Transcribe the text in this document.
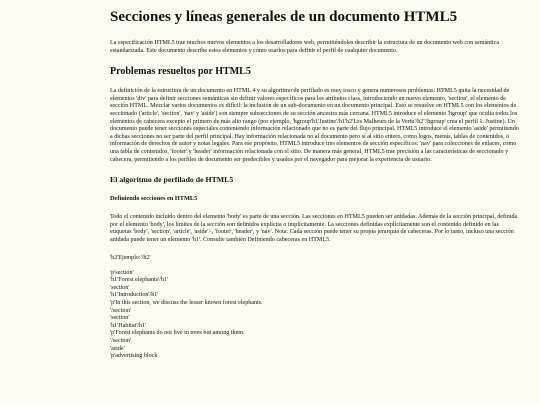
Secciones y líneas generales de un documento HTML5

La especificación HTML5 trae muchos nuevos elementos a los desarrolladores web, permitiéndoles describir la estructura de un documento web con semántica estandarizada. Este documento describe estos elementos y cómo usarlos para definir el perfil de cualquier documento.

Problemas resueltos por HTML5

La definición de la estructura de un documento en HTML 4 y su algoritmo de perfilado es muy tosco y genera numerosos problemas: HTML5 quita la necesidad de elementos 'div' para definir secciones semánticas sin definir valores específicos para los atributos class, introduciendo un nuevo elemento, 'section', el elemento de sección HTML. Mezclar varios documentos es difícil: la inclusión de un sub-documento en un documento principal. Esto se resuelve en HTML5 con los elementos de seccionado ('article', 'section', 'nav' y 'aside') son siempre subsecciones de su sección ancestra más cercana. HTML5 introduce el elemento 'hgroup' que oculta todos los elementos de cabecera excepto el primero de más alto rango (por ejemplo, 'hgroup'h1'Justine'/h1'h2'Les Malheurs de la Vertu'/h2''/hgroup' crea el perfil 1. Justine). Un documento puede tener secciones especiales conteniendo información relacionado que no es parte del flujo principal. HTML5 introduce el elemento 'aside' permitiendo a dichas secciones no ser parte del perfil principal. Hay información relacionada no al documento pero sí al sitio entero, como logos, menús, tablas de contenidos, o información de derechos de autor y notas legales. Para ese propósito, HTML5 introduce tres elementos de sección específicos: 'nav' para colecciones de enlaces, como una tabla de contenidos, 'footer' y 'header' información relacionada con el sitio. De manera más general, HTML5 trae precisión a las características de seccionado y cabecera, permitiendo a los perfiles de documento ser predecibles y usados por el navegador para mejorar la experiencia de usuario.

El algoritmo de perfilado de HTML5
Definiendo secciones en HTML5

Todo el contenido incluido dentro del elemento 'body' es parte de una sección. Las secciones en HTML5 pueden ser anidadas. Además de la sección principal, definida por el elemento 'body', los límites de la sección son definidos explícita o implícitamente. La secciones definidas explícitamente son el contenido definido en las etiquetas 'body', 'section', 'article', 'aside'>, 'footer', 'header', y 'nav'. Nota: Cada sección puede tener su propia jerarquía de cabeceras. Por lo tanto, incluso una sección anidada puede tener un elemento 'h1'. Consulte también Definiendo cabeceras en HTML5.

'h2'Ejemplo:'/h2'
'p'section'
'h1'Forest elephants'/h1'
'section'
'h1'Introduction'/h1'
'p'In this section, we discuss the lesser known forest elephants.
'/section'
'section'
'h1'Habitat'/h1'
'p'Forest elephants do not live in trees but among them.
'/section'
'aside'
'p'advertising block
